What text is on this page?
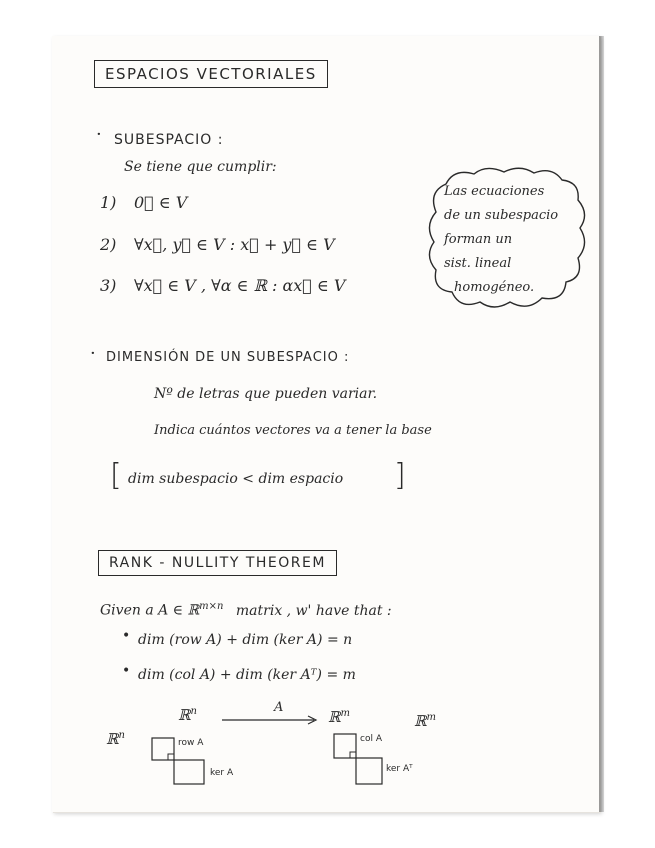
ESPACIOS VECTORIALES
· SUBESPACIO :
Se tiene que cumplir:
1) 0⃗ ∈ V
2) ∀x⃗, y⃗ ∈ V : x⃗ + y⃗ ∈ V
3) ∀x⃗ ∈ V , ∀α ∈ ℝ : αx⃗ ∈ V
Las ecuaciones
de un subespacio
forman un
sist. lineal
homogéneo.
· DIMENSIÓN DE UN SUBESPACIO :
Nº de letras que pueden variar.
Indica cuántos vectores va a tener la base
[ dim subespacio < dim espacio ]
RANK - NULLITY THEOREM
Given a A ∈ ℝ$^{m\times n}$ matrix , w' have that :
• dim (row A) + dim (ker A) = n
• dim (col A) + dim (ker Aᵀ) = m
ℝ$^n$
ℝ$^n$	A
ℝ$^m$	ℝ$^m$
row A
ker A
col A
ker Aᵀ
